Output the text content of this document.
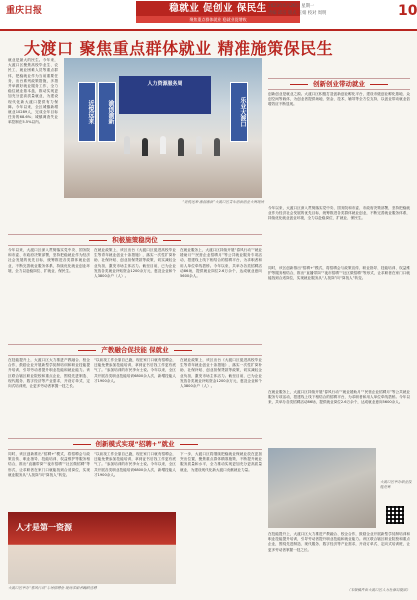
重庆日报	稳就业 促创业 保民生
聚焦重点群体就业 稳就业促增收
2023年6月26日 星期一
责编 邱洁 版式 王娟 校对 周明	10
大渡口 聚焦重点群体就业 精准施策保民生
就业是最大的民生。今年来，大渡口区聚焦高校毕业生、农民工、就业困难人员等重点群体，把稳就业作为当前重要任务，出台系列政策措施，多措并举做好就业服务工作，全力稳住就业基本盘，推动实现更加充分更高质量就业，为建设现代化新大渡口提供有力保障。今年以来，全区城镇新增就业10289人，完成全年目标任务的68.6%；城镇调查失业率控制在5.5%以内。
人力资源服务周
近悦远来	渝创渝新	乐业大渡口
“近悦远来·渝创渝新”大渡口区青年创新创业大赛现场
创新创业带动就业
创新创业是就业之源。大渡口区积极打造创新创业孵化平台，建设市级创业孵化基地、众创空间等载体，为创业者提供场地、资金、技术、辅导等全方位支持，以创业带动就业倍增效应不断显现。
今年以来，大渡口区深入贯彻落实党中央、国务院和市委、市政府决策部署，坚持把稳就业作为经济社会发展的优先目标，统筹推进各类群体就业创业，不断完善就业服务体系，持续优化就业创业环境，全力以赴稳岗位、扩就业、保民生。
积极施策稳岗位
今年以来，大渡口区深入贯彻落实党中央、国务院和市委、市政府决策部署，坚持把稳就业作为经济社会发展的优先目标，统筹推进各类群体就业创业，不断完善就业服务体系，持续优化就业创业环境，全力以赴稳岗位、扩就业、保民生。
在就业政策上，该区出台《大渡口区促进高校毕业生等青年就业创业十条措施》，落实一次性扩岗补助、社保补贴、创业担保贷款等政策，切实减轻企业负担，激发市场主体活力。截至目前，已为企业发放各类就业补贴资金1200余万元，惠及企业和个人3800余户（人）。
在就业服务上，大渡口区持续开展“春风行动”“就业援助月”“民营企业招聘月”等公共就业服务专项活动，搭建线上线下相结合的招聘平台，为求职者和用人单位牵线搭桥。今年以来，共举办各类招聘活动86场，提供就业岗位2.6万余个，达成就业意向5600余人。
同时，该区创新推出“招聘+”模式，将招聘会与政策宣传、职业指导、技能培训、权益维护等服务相结合，推出“直播带岗”“夜市招聘”“社区微招聘”等形式，让求职者在家门口就能找到合适岗位，实现就业服务从“人找岗”向“岗找人”转变。
产教融合促技能 保就业
在技能提升上，大渡口区大力推进产教融合、校企合作，鼓励企业开展新型学徒制培训和职业技能提升培训，引导劳动者提升职业技能和就业能力。该区联合辖区职业院校和重点企业，围绕先进制造、现代服务、数字经济等产业需求，开设订单式、定向式培训班，让更多劳动者掌握一技之长。
“以前找工作全靠自己跑，现在家门口就有招聘会，还能免费参加技能培训，拿到证书后找工作更有底气了。”参加培训的市民李女士说。今年以来，全区共开展各类职业技能培训6800余人次，新增技能人才1900余人。
在就业政策上，该区出台《大渡口区促进高校毕业生等青年就业创业十条措施》，落实一次性扩岗补助、社保补贴、创业担保贷款等政策，切实减轻企业负担，激发市场主体活力。截至目前，已为企业发放各类就业补贴资金1200余万元，惠及企业和个人3800余户（人）。
在就业服务上，大渡口区持续开展“春风行动”“就业援助月”“民营企业招聘月”等公共就业服务专项活动，搭建线上线下相结合的招聘平台，为求职者和用人单位牵线搭桥。今年以来，共举办各类招聘活动86场，提供就业岗位2.6万余个，达成就业意向5600余人。
大渡口区举办职业技能竞赛
创新模式实现“招聘+”就业
同时，该区创新推出“招聘+”模式，将招聘会与政策宣传、职业指导、技能培训、权益维护等服务相结合，推出“直播带岗”“夜市招聘”“社区微招聘”等形式，让求职者在家门口就能找到合适岗位，实现就业服务从“人找岗”向“岗找人”转变。
“以前找工作全靠自己跑，现在家门口就有招聘会，还能免费参加技能培训，拿到证书后找工作更有底气了。”参加培训的市民李女士说。今年以来，全区共开展各类职业技能培训6800余人次，新增技能人才1900余人。
下一步，大渡口区将继续把稳就业保就业放在更加突出位置，聚焦重点群体精准施策，不断提升就业服务质量和水平，全力推动实现更加充分更高质量就业，为建设现代化新大渡口贡献就业力量。
人才是第一资源
大渡口区举办“春风行动”专场招聘会 现场求职者踊跃应聘
在技能提升上，大渡口区大力推进产教融合、校企合作，鼓励企业开展新型学徒制培训和职业技能提升培训，引导劳动者提升职业技能和就业能力。该区联合辖区职业院校和重点企业，围绕先进制造、现代服务、数字经济等产业需求，开设订单式、定向式培训班，让更多劳动者掌握一技之长。
（本版稿件由大渡口区人力社保局提供）
